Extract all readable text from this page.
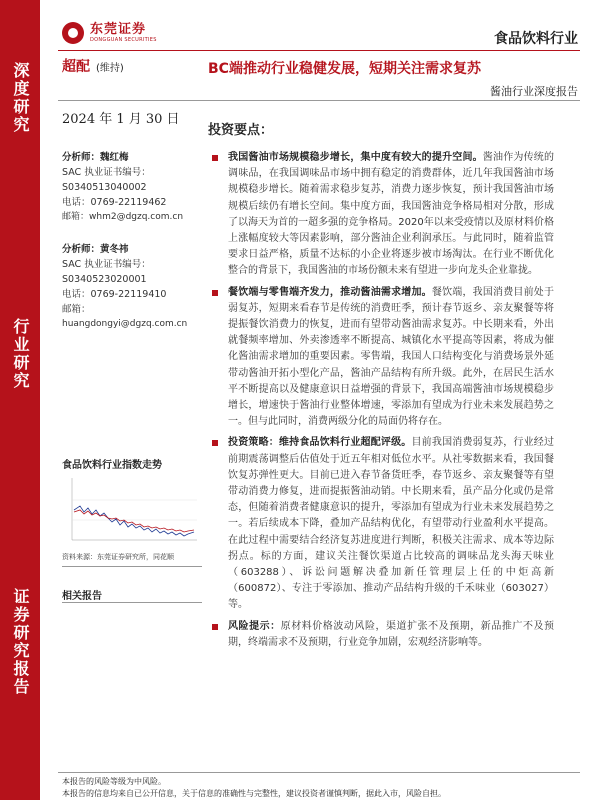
深度研究
行业研究
证券研究报告
东莞证券
DONGGUAN SECURITIES	食品饮料行业
超配 (维持)	BC端推动行业稳健发展，短期关注需求复苏
酱油行业深度报告
2024 年 1 月 30 日
分析师：魏红梅
SAC 执业证书编号：
S0340513040002
电话：0769-22119462
邮箱：whm2@dgzq.com.cn
分析师：黄冬祎
SAC 执业证书编号：
S0340523020001
电话：0769-22119410
邮箱：
huangdongyi@dgzq.com.cn
食品饮料行业指数走势
资料来源：东莞证券研究所，同花顺
相关报告
投资要点：
我国酱油市场规模稳步增长，集中度有较大的提升空间。酱油作为传统的调味品，在我国调味品市场中拥有稳定的消费群体，近几年我国酱油市场规模稳步增长。随着需求稳步复苏，消费力逐步恢复，预计我国酱油市场规模后续仍有增长空间。集中度方面，我国酱油竞争格局相对分散，形成了以海天为首的一超多强的竞争格局。2020年以来受疫情以及原材料价格上涨幅度较大等因素影响，部分酱油企业利润承压。与此同时，随着监管要求日益严格，质量不达标的小企业将逐步被市场淘汰。在行业不断优化整合的背景下，我国酱油的市场份额未来有望进一步向龙头企业靠拢。
餐饮端与零售端齐发力，推动酱油需求增加。餐饮端，我国消费目前处于弱复苏，短期来看春节是传统的消费旺季，预计春节返乡、亲友聚餐等将提振餐饮消费力的恢复，进而有望带动酱油需求复苏。中长期来看，外出就餐频率增加、外卖渗透率不断提高、城镇化水平提高等因素，将成为催化酱油需求增加的重要因素。零售端，我国人口结构变化与消费场景外延带动酱油开拓小型化产品，酱油产品结构有所升级。此外，在居民生活水平不断提高以及健康意识日益增强的背景下，我国高端酱油市场规模稳步增长，增速快于酱油行业整体增速，零添加有望成为行业未来发展趋势之一。但与此同时，消费两级分化的局面仍将存在。
投资策略：维持食品饮料行业超配评级。目前我国消费弱复苏，行业经过前期震荡调整后估值处于近五年相对低位水平。从社零数据来看，我国餐饮复苏弹性更大。目前已进入春节备货旺季，春节返乡、亲友聚餐等有望带动消费力修复，进而提振酱油动销。中长期来看，虽产品分化或仍是常态，但随着消费者健康意识的提升，零添加有望成为行业未来发展趋势之一。若后续成本下降，叠加产品结构优化，有望带动行业盈利水平提高。在此过程中需要结合经济复苏进度进行判断，积极关注需求、成本等边际拐点。标的方面，建议关注餐饮渠道占比较高的调味品龙头海天味业（603288）、诉讼问题解决叠加新任管理层上任的中炬高新（600872）、专注于零添加、推动产品结构升级的千禾味业（603027）等。
风险提示：原材料价格波动风险，渠道扩张不及预期，新品推广不及预期，终端需求不及预期，行业竞争加剧，宏观经济影响等。
本报告的风险等级为中风险。
本报告的信息均来自已公开信息，关于信息的准确性与完整性，建议投资者谨慎判断，据此入市，风险自担。
